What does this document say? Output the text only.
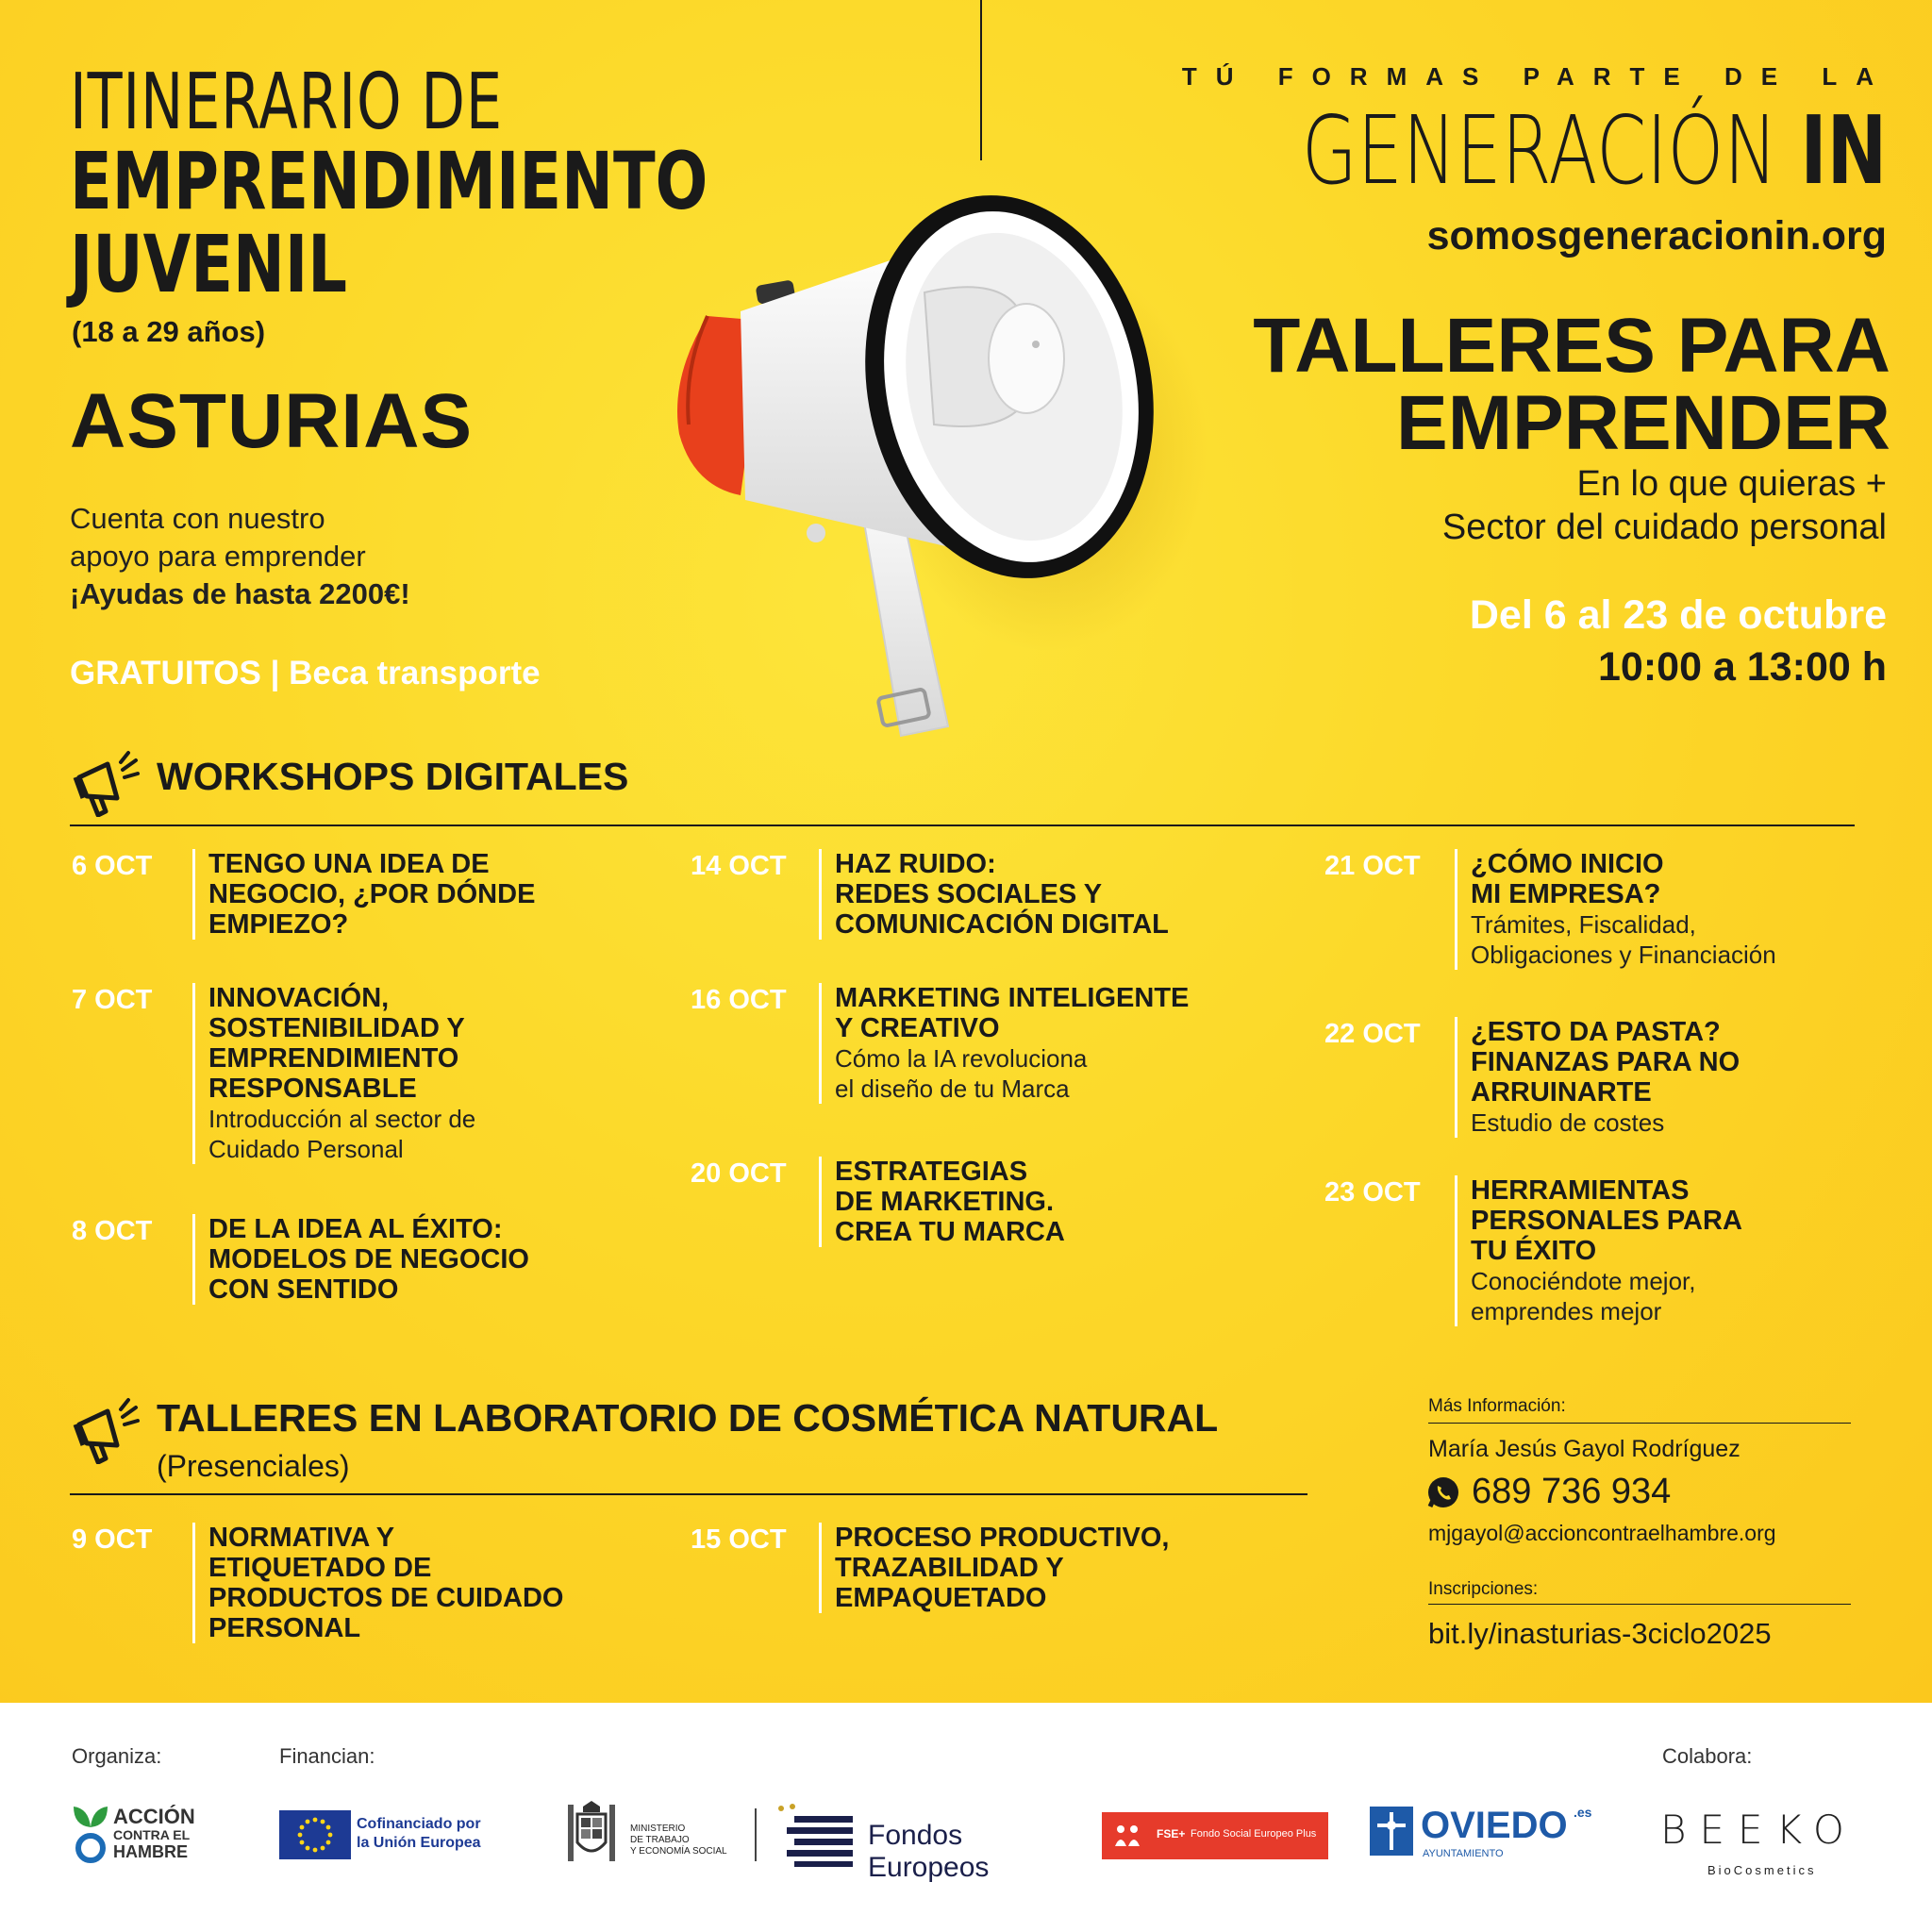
ITINERARIO DE
EMPRENDIMIENTO
JUVENIL
(18 a 29 años)
ASTURIAS
Cuenta con nuestro
apoyo para emprender
¡Ayudas de hasta 2200€!
GRATUITOS | Beca transporte
TÚ FORMAS PARTE DE LA
GENERACIÓN IN
somosgeneracionin.org
TALLERES PARA
EMPRENDER
En lo que quieras +
Sector del cuidado personal
Del 6 al 23 de octubre
10:00 a 13:00 h
WORKSHOPS DIGITALES
6 OCT	TENGO UNA IDEA DE
NEGOCIO, ¿POR DÓNDE
EMPIEZO?
7 OCT	INNOVACIÓN,
SOSTENIBILIDAD Y
EMPRENDIMIENTO
RESPONSABLE
Introducción al sector de
Cuidado Personal
8 OCT	DE LA IDEA AL ÉXITO:
MODELOS DE NEGOCIO
CON SENTIDO
14 OCT	HAZ RUIDO:
REDES SOCIALES Y
COMUNICACIÓN DIGITAL
16 OCT	MARKETING INTELIGENTE
Y CREATIVO
Cómo la IA revoluciona
el diseño de tu Marca
20 OCT	ESTRATEGIAS
DE MARKETING.
CREA TU MARCA
21 OCT	¿CÓMO INICIO
MI EMPRESA?
Trámites, Fiscalidad,
Obligaciones y Financiación
22 OCT	¿ESTO DA PASTA?
FINANZAS PARA NO
ARRUINARTE
Estudio de costes
23 OCT	HERRAMIENTAS
PERSONALES PARA
TU ÉXITO
Conociéndote mejor,
emprendes mejor
TALLERES EN LABORATORIO DE COSMÉTICA NATURAL
(Presenciales)
9 OCT	NORMATIVA Y
ETIQUETADO DE
PRODUCTOS DE CUIDADO
PERSONAL
15 OCT	PROCESO PRODUCTIVO,
TRAZABILIDAD Y
EMPAQUETADO
Más Información:
María Jesús Gayol Rodríguez
689 736 934
mjgayol@accioncontraelhambre.org
Inscripciones:
bit.ly/inasturias-3ciclo2025
Organiza:	Financian:	Colabora:
ACCIÓN
CONTRA EL
HAMBRE
Cofinanciado por
la Unión Europea
MINISTERIO
DE TRABAJO
Y ECONOMÍA SOCIAL
Fondos Europeos
FSE+ Fondo Social Europeo Plus	OVIEDO .es
AYUNTAMIENTO
BEEKO
BioCosmetics
